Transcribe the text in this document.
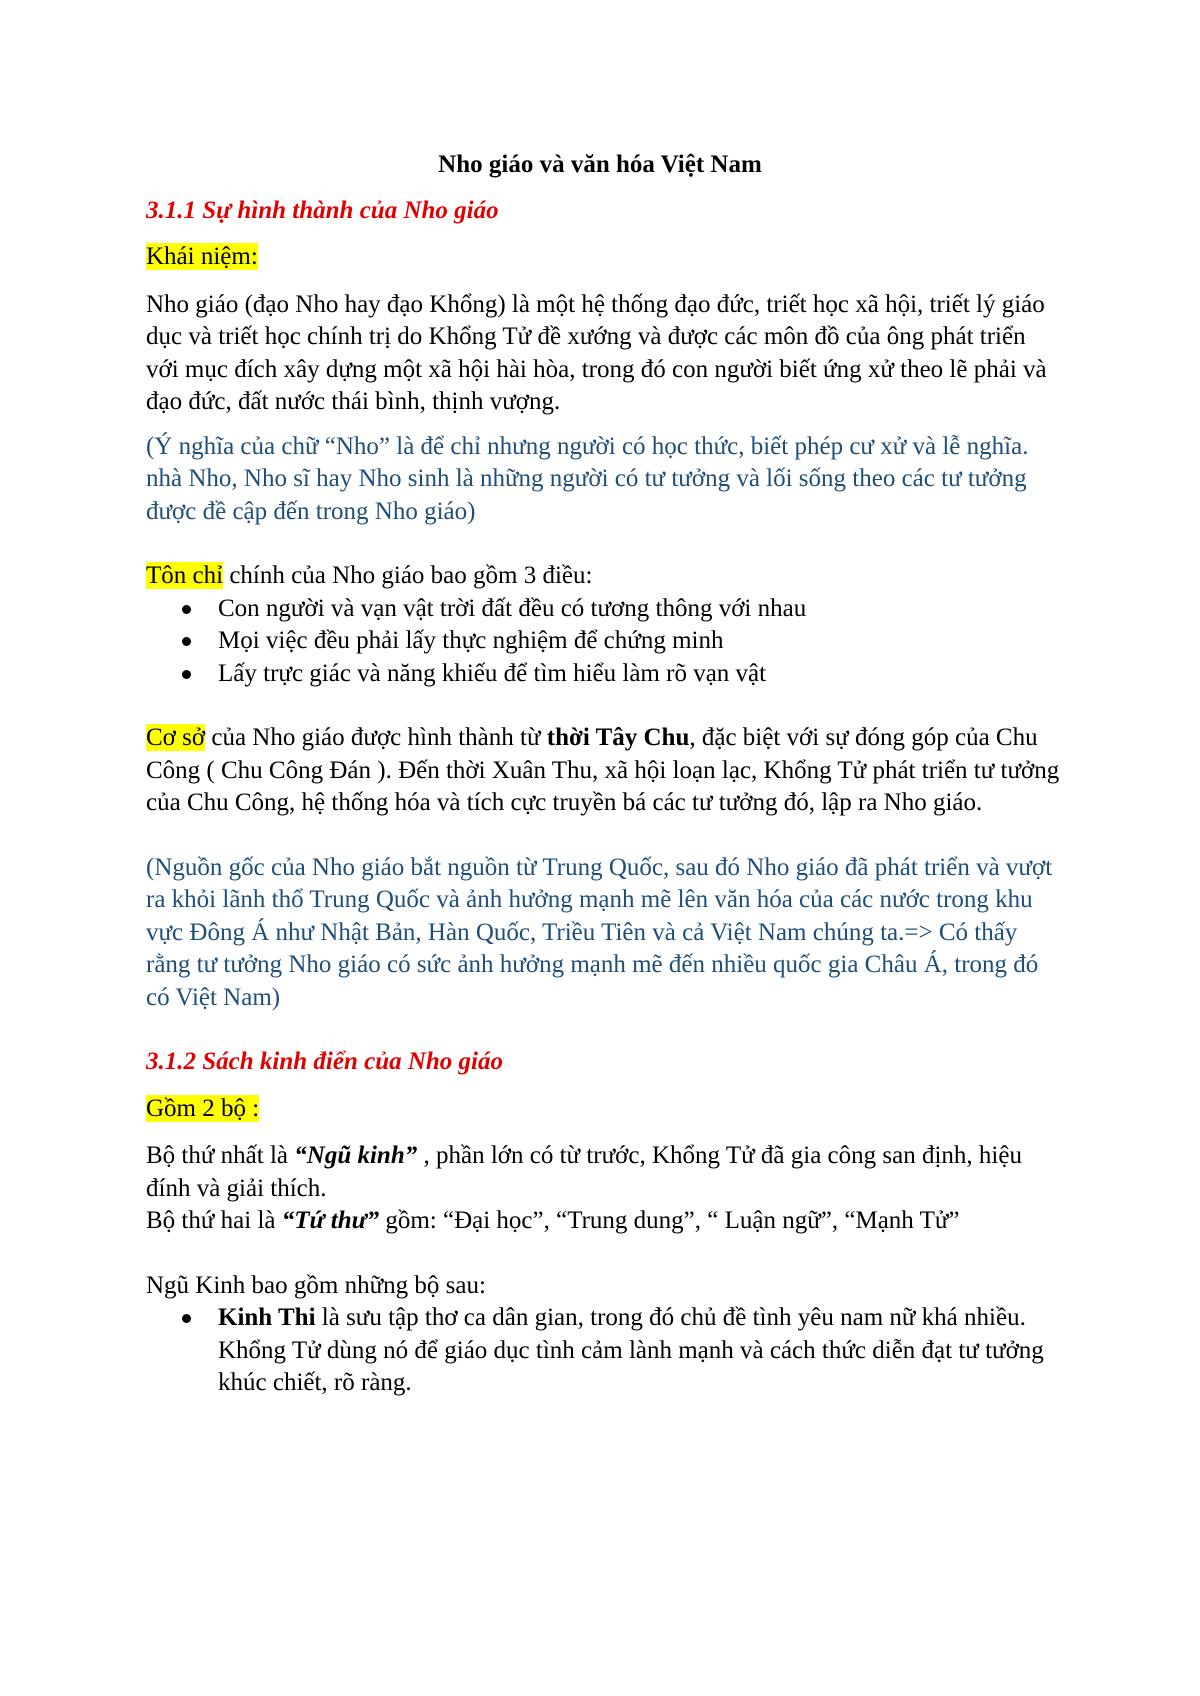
Nho giáo và văn hóa Việt Nam

3.1.1 Sự hình thành của Nho giáo

Khái niệm:

Nho giáo (đạo Nho hay đạo Khổng) là một hệ thống đạo đức, triết học xã hội, triết lý giáo dục và triết học chính trị do Khổng Tử đề xướng và được các môn đồ của ông phát triển với mục đích xây dựng một xã hội hài hòa, trong đó con người biết ứng xử theo lẽ phải và đạo đức, đất nước thái bình, thịnh vượng.

(Ý nghĩa của chữ “Nho” là để chỉ nhưng người có học thức, biết phép cư xử và lễ nghĩa. nhà Nho, Nho sĩ hay Nho sinh là những người có tư tưởng và lối sống theo các tư tưởng được đề cập đến trong Nho giáo)

Tôn chỉ chính của Nho giáo bao gồm 3 điều:

Con người và vạn vật trời đất đều có tương thông với nhau
Mọi việc đều phải lấy thực nghiệm để chứng minh
Lấy trực giác và năng khiếu để tìm hiểu làm rõ vạn vật

Cơ sở của Nho giáo được hình thành từ thời Tây Chu, đặc biệt với sự đóng góp của Chu Công ( Chu Công Đán ). Đến thời Xuân Thu, xã hội loạn lạc, Khổng Tử phát triển tư tưởng của Chu Công, hệ thống hóa và tích cực truyền bá các tư tưởng đó, lập ra Nho giáo.

(Nguồn gốc của Nho giáo bắt nguồn từ Trung Quốc, sau đó Nho giáo đã phát triển và vượt ra khỏi lãnh thổ Trung Quốc và ảnh hưởng mạnh mẽ lên văn hóa của các nước trong khu vực Đông Á như Nhật Bản, Hàn Quốc, Triều Tiên và cả Việt Nam chúng ta.=> Có thấy rằng tư tưởng Nho giáo có sức ảnh hưởng mạnh mẽ đến nhiều quốc gia Châu Á, trong đó có Việt Nam)

3.1.2 Sách kinh điển của Nho giáo

Gồm 2 bộ :

Bộ thứ nhất là “Ngũ kinh” , phần lớn có từ trước, Khổng Tử đã gia công san định, hiệu đính và giải thích.

Bộ thứ hai là “Tứ thư” gồm: “Đại học”, “Trung dung”, “ Luận ngữ”, “Mạnh Tử”

Ngũ Kinh bao gồm những bộ sau:

Kinh Thi là sưu tập thơ ca dân gian, trong đó chủ đề tình yêu nam nữ khá nhiều. Khổng Tử dùng nó để giáo dục tình cảm lành mạnh và cách thức diễn đạt tư tưởng khúc chiết, rõ ràng.
